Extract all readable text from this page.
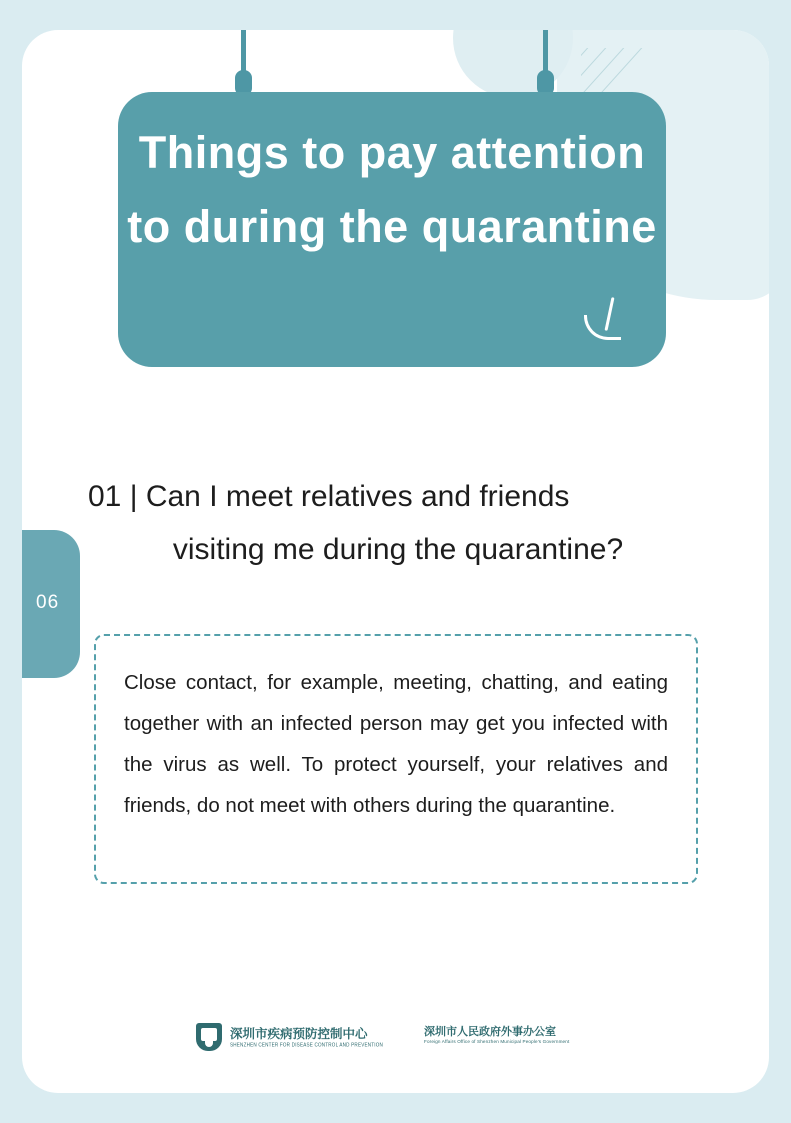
Things to pay attention to during the quarantine
06
01 | Can I meet relatives and friends
visiting me during the quarantine?

Close contact, for example, meeting, chatting, and eating together with an infected person may get you infected with the virus as well. To protect yourself, your relatives and friends, do not meet with others during the quarantine.

深圳市疾病预防控制中心
SHENZHEN CENTER FOR DISEASE CONTROL AND PREVENTION
深圳市人民政府外事办公室
Foreign Affairs Office of Shenzhen Municipal People's Government
